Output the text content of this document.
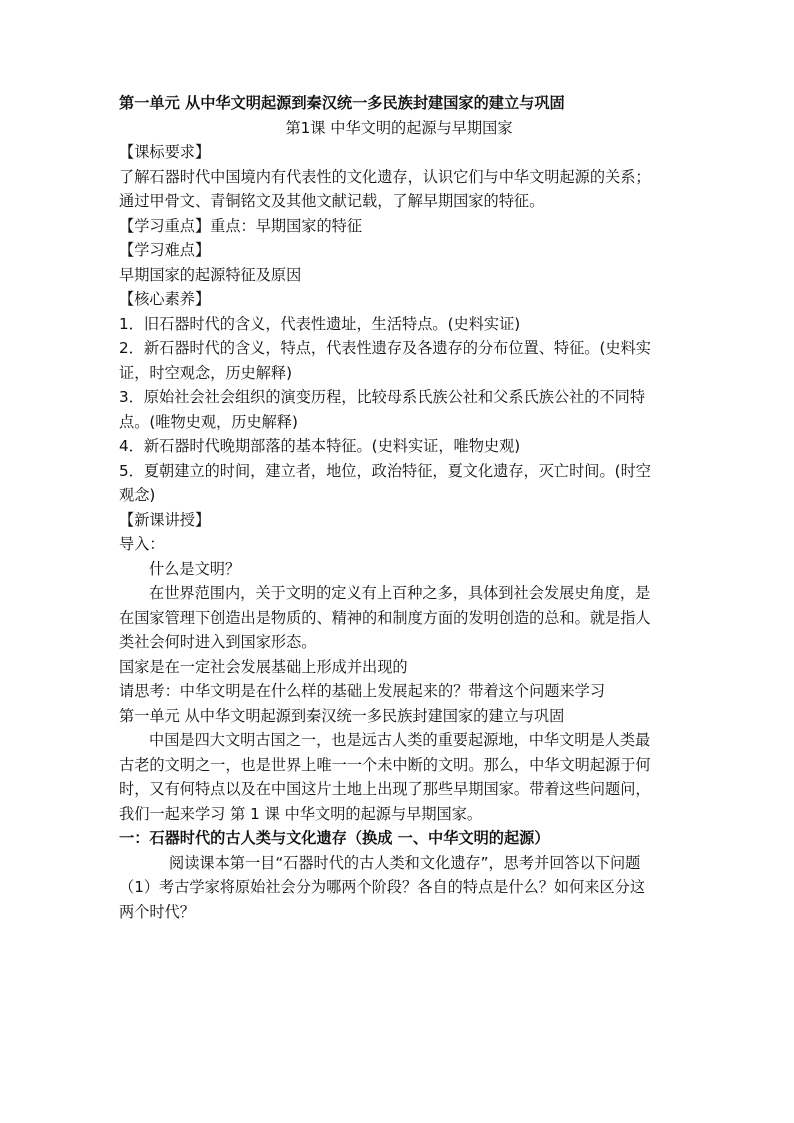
第一单元 从中华文明起源到秦汉统一多民族封建国家的建立与巩固
第1课 中华文明的起源与早期国家
【课标要求】
了解石器时代中国境内有代表性的文化遗存，认识它们与中华文明起源的关系；
通过甲骨文、青铜铭文及其他文献记载，了解早期国家的特征。
【学习重点】重点：早期国家的特征
【学习难点】
早期国家的起源特征及原因
【核心素养】
1．旧石器时代的含义，代表性遗址，生活特点。(史料实证)
2．新石器时代的含义，特点，代表性遗存及各遗存的分布位置、特征。(史料实
证，时空观念，历史解释)
3．原始社会社会组织的演变历程，比较母系氏族公社和父系氏族公社的不同特
点。(唯物史观，历史解释)
4．新石器时代晚期部落的基本特征。(史料实证，唯物史观)
5．夏朝建立的时间，建立者，地位，政治特征，夏文化遗存，灭亡时间。(时空
观念)
【新课讲授】
导入：
什么是文明？
在世界范围内，关于文明的定义有上百种之多，具体到社会发展史角度，是
在国家管理下创造出是物质的、精神的和制度方面的发明创造的总和。就是指人
类社会何时进入到国家形态。
国家是在一定社会发展基础上形成并出现的
请思考：中华文明是在什么样的基础上发展起来的？带着这个问题来学习
第一单元 从中华文明起源到秦汉统一多民族封建国家的建立与巩固
中国是四大文明古国之一，也是远古人类的重要起源地，中华文明是人类最
古老的文明之一，也是世界上唯一一个未中断的文明。那么，中华文明起源于何
时，又有何特点以及在中国这片土地上出现了那些早期国家。带着这些问题问，
我们一起来学习 第 1 课 中华文明的起源与早期国家。
一：石器时代的古人类与文化遗存（换成 一、中华文明的起源）
阅读课本第一目“石器时代的古人类和文化遗存”，思考并回答以下问题
（1）考古学家将原始社会分为哪两个阶段？各自的特点是什么？如何来区分这
两个时代？
